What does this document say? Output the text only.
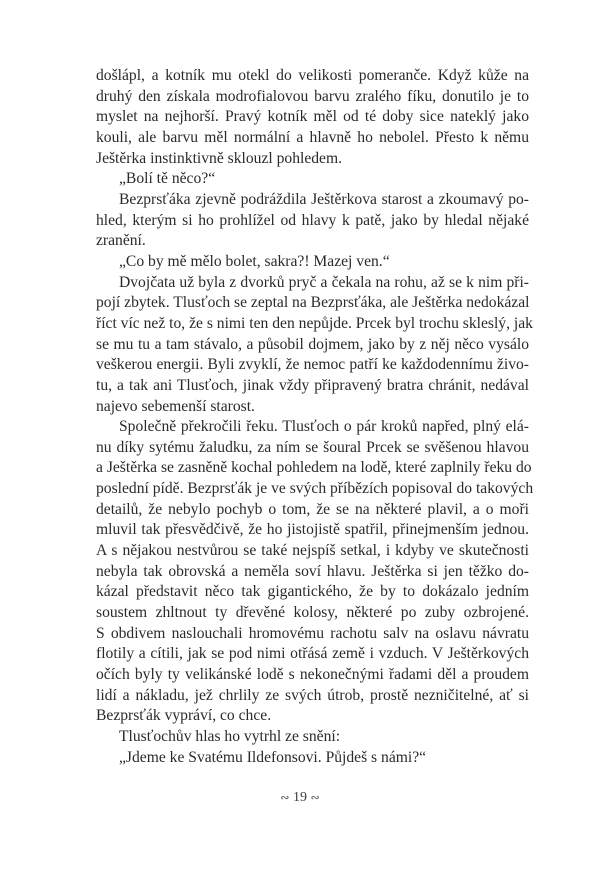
došlápl, a kotník mu otekl do velikosti pomeranče. Když kůže na
druhý den získala modrofialovou barvu zralého fíku, donutilo je to
myslet na nejhorší. Pravý kotník měl od té doby sice nateklý jako
kouli, ale barvu měl normální a hlavně ho nebolel. Přesto k němu
Ještěrka instinktivně sklouzl pohledem.

„Bolí tě něco?“

Bezprsťáka zjevně podráždila Ještěrkova starost a zkoumavý po-
hled, kterým si ho prohlížel od hlavy k patě, jako by hledal nějaké
zranění.

„Co by mě mělo bolet, sakra?! Mazej ven.“

Dvojčata už byla z dvorků pryč a čekala na rohu, až se k nim při-
pojí zbytek. Tlusťoch se zeptal na Bezprsťáka, ale Ještěrka nedokázal
říct víc než to, že s nimi ten den nepůjde. Prcek byl trochu skleslý, jak
se mu tu a tam stávalo, a působil dojmem, jako by z něj něco vysálo
veškerou energii. Byli zvyklí, že nemoc patří ke každodennímu živo-
tu, a tak ani Tlusťoch, jinak vždy připravený bratra chránit, nedával
najevo sebemenší starost.

Společně překročili řeku. Tlusťoch o pár kroků napřed, plný elá-
nu díky sytému žaludku, za ním se šoural Prcek se svěšenou hlavou
a Ještěrka se zasněně kochal pohledem na lodě, které zaplnily řeku do
poslední pídě. Bezprsťák je ve svých příbězích popisoval do takových
detailů, že nebylo pochyb o tom, že se na některé plavil, a o moři
mluvil tak přesvědčivě, že ho jistojistě spatřil, přinejmenším jednou.
A s nějakou nestvůrou se také nejspíš setkal, i kdyby ve skutečnosti
nebyla tak obrovská a neměla soví hlavu. Ještěrka si jen těžko do-
kázal představit něco tak gigantického, že by to dokázalo jedním
soustem zhltnout ty dřevěné kolosy, některé po zuby ozbrojené.
S obdivem naslouchali hromovému rachotu salv na oslavu návratu
flotily a cítili, jak se pod nimi otřásá země i vzduch. V Ještěrkových
očích byly ty velikánské lodě s nekonečnými řadami děl a proudem
lidí a nákladu, jež chrlily ze svých útrob, prostě nezničitelné, ať si
Bezprsťák vypráví, co chce.

Tlusťochův hlas ho vytrhl ze snění:

„Jdeme ke Svatému Ildefonsovi. Půjdeš s námi?“

∾ 19 ∾
